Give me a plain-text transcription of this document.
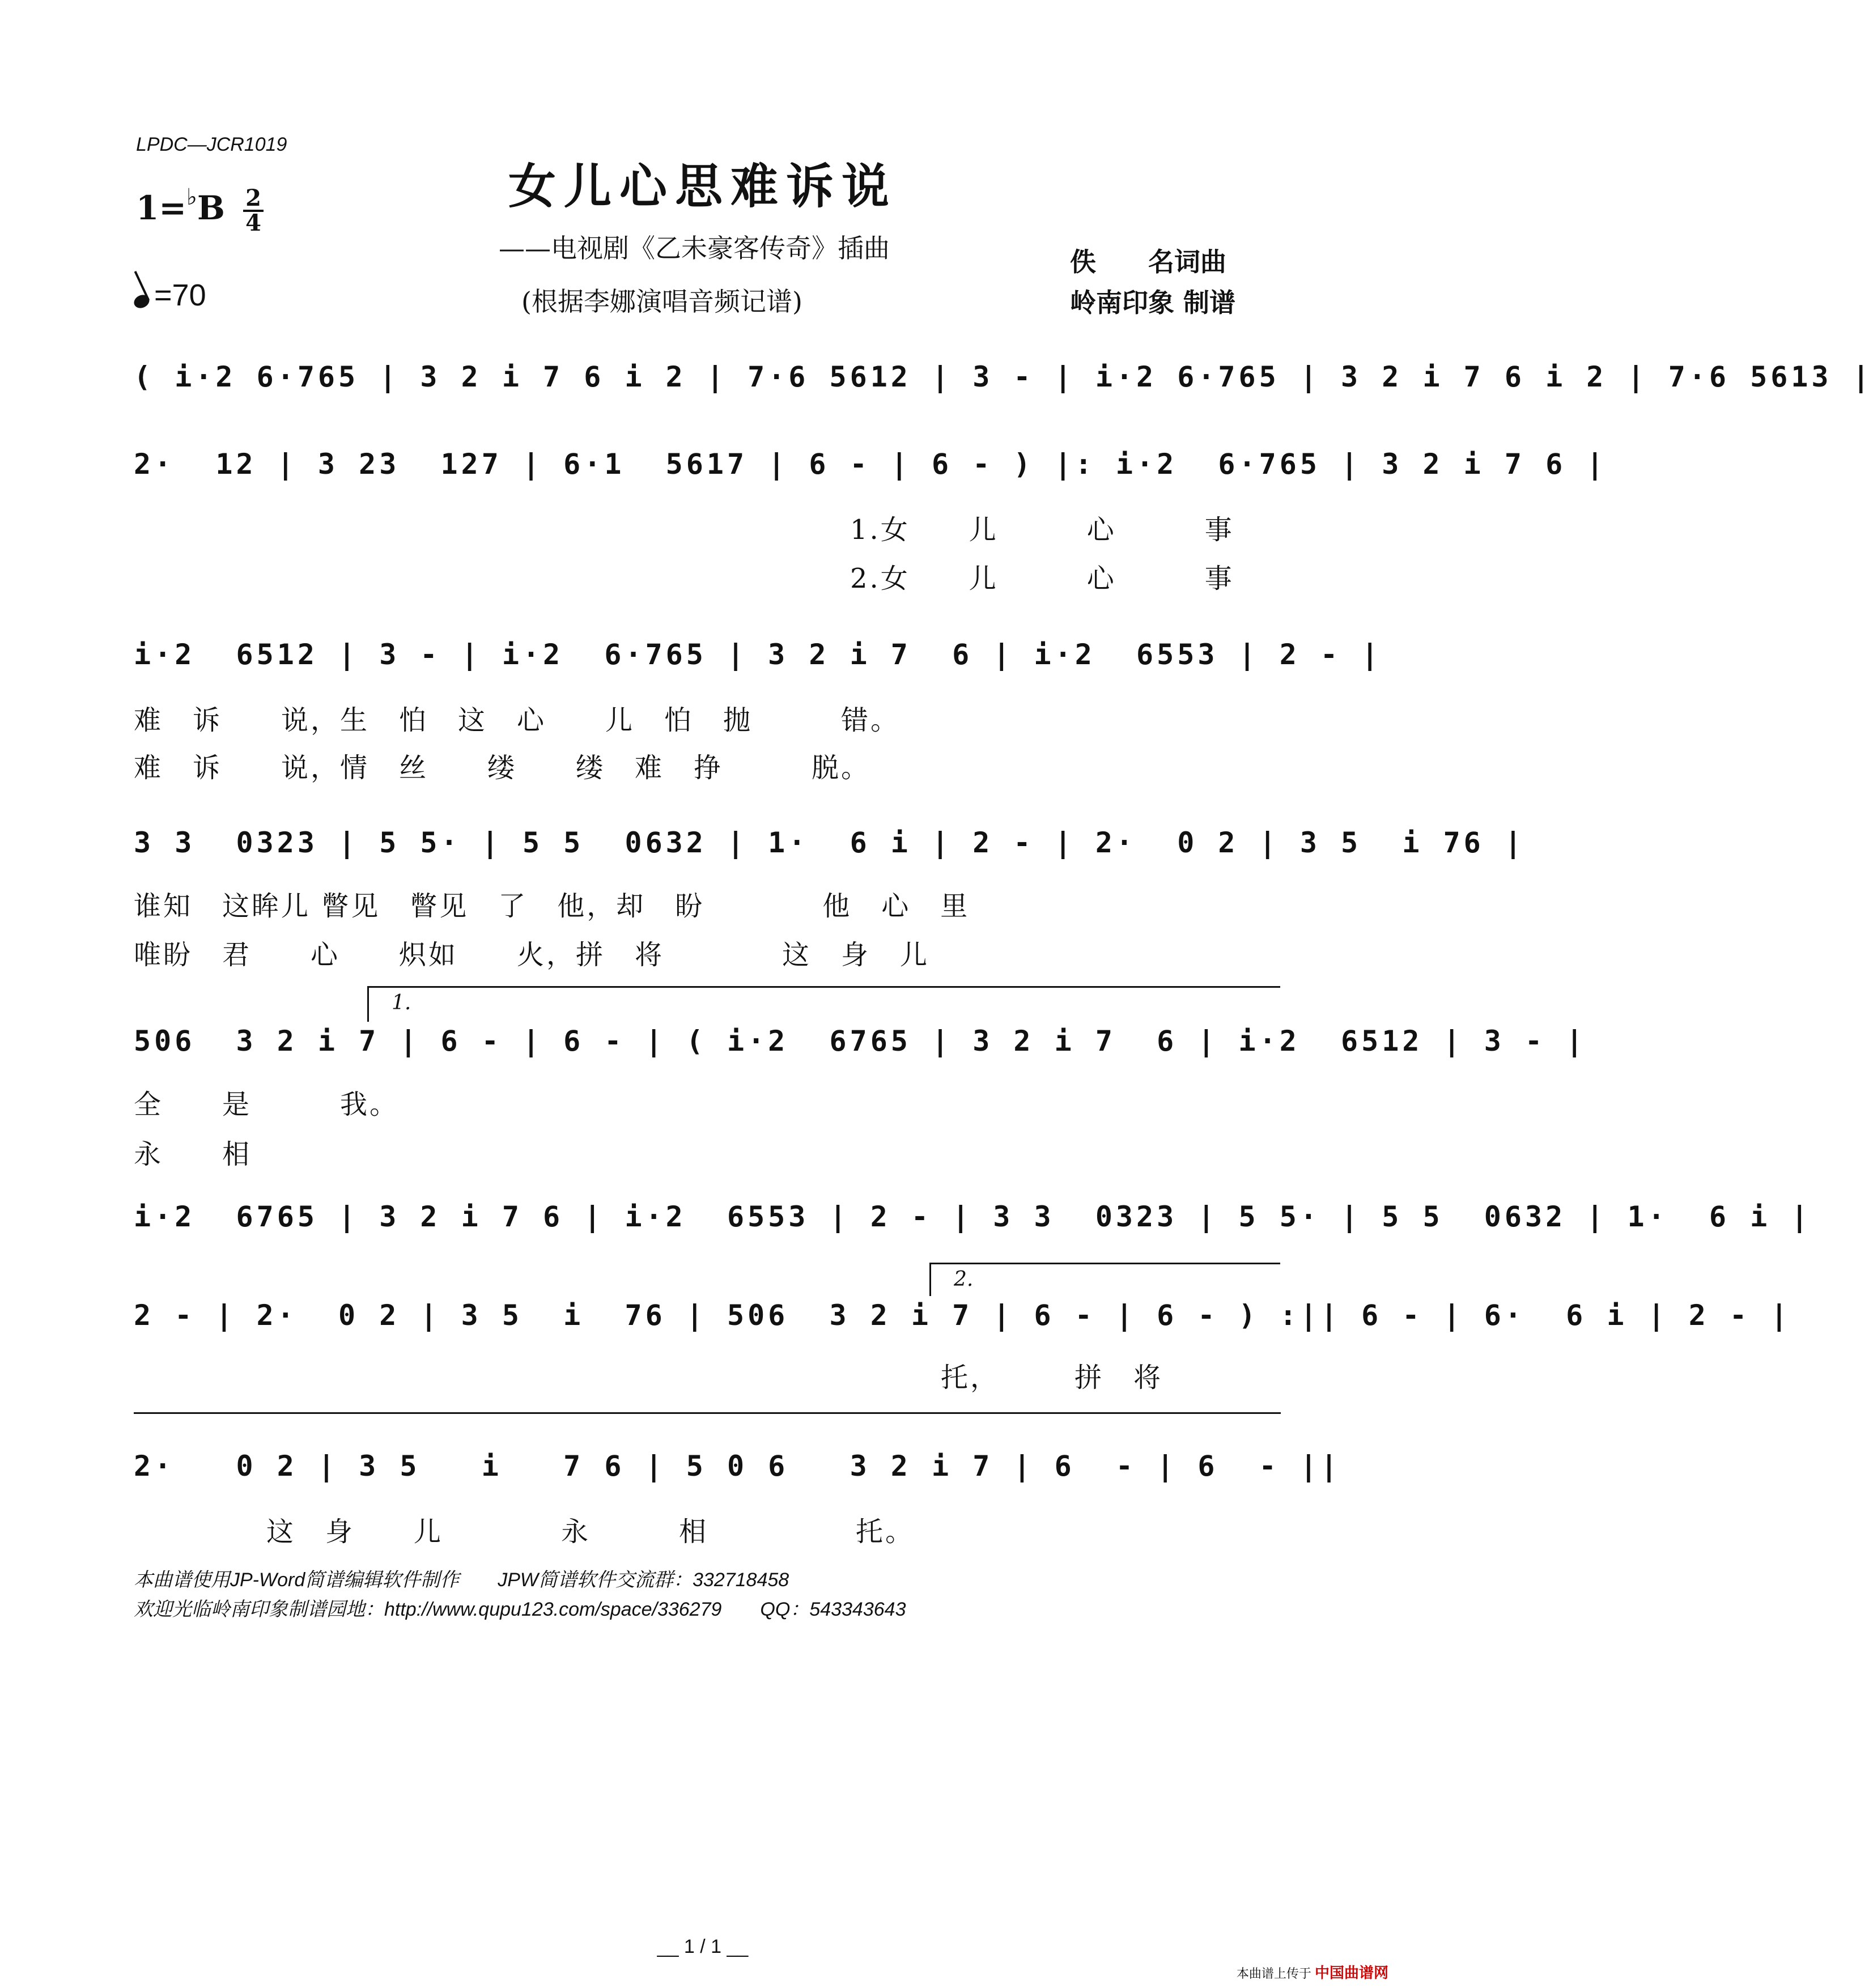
LPDC—JCR1019
女儿心思难诉说
——电视剧《乙未豪客传奇》插曲
(根据李娜演唱音频记谱)
佚　　名词曲
岭南印象 制谱
$1=^♭B \frac{2}{4}$
=70
( i·2 6·765 | 3 2 i 7 6 i 2 | 7·6 5612 | 3 - | i·2 6·765 | 3 2 i 7 6 i 2 | 7·6 5613 |
2·  12 | 3 23  127 | 6·1  5617 | 6 - | 6 - ) |: i·2  6·765 | 3 2 i 7 6 |
1.女　　儿　　　心　　　事
2.女　　儿　　　心　　　事
i·2  6512 | 3 - | i·2  6·765 | 3 2 i 7  6 | i·2  6553 | 2 - |
难　诉　　说，生　怕　这　心　　儿　怕　抛　　　错。
难　诉　　说，情　丝　　缕　　缕　难　挣　　　脱。
3 3  0323 | 5 5· | 5 5  0632 | 1·  6 i | 2 - | 2·  0 2 | 3 5  i 76 |
谁知　这眸儿 瞥见　瞥见　了　他，却　盼　　　　他　心　里
唯盼　君　　心　　炽如　　火，拼　将　　　　这　身　儿
1.
506  3 2 i 7 | 6 - | 6 - | ( i·2  6765 | 3 2 i 7  6 | i·2  6512 | 3 - |
全　　是　　　我。
永　　相
i·2  6765 | 3 2 i 7 6 | i·2  6553 | 2 - | 3 3  0323 | 5 5· | 5 5  0632 | 1·  6 i |
2.
2 - | 2·  0 2 | 3 5  i  76 | 506  3 2 i 7 | 6 - | 6 - ) :|| 6 - | 6·  6 i | 2 - |
托，　　　拼　将
2·   0 2 | 3 5   i   7 6 | 5 0 6   3 2 i 7 | 6  - | 6  - ||
这　身　　儿　　　　永　　　相　　　　　托。
本曲谱使用JP-Word简谱编辑软件制作　　JPW简谱软件交流群：332718458
欢迎光临岭南印象制谱园地：http://www.qupu123.com/space/336279　　QQ：543343643
__ 1 / 1 __
本曲谱上传于 中国曲谱网
